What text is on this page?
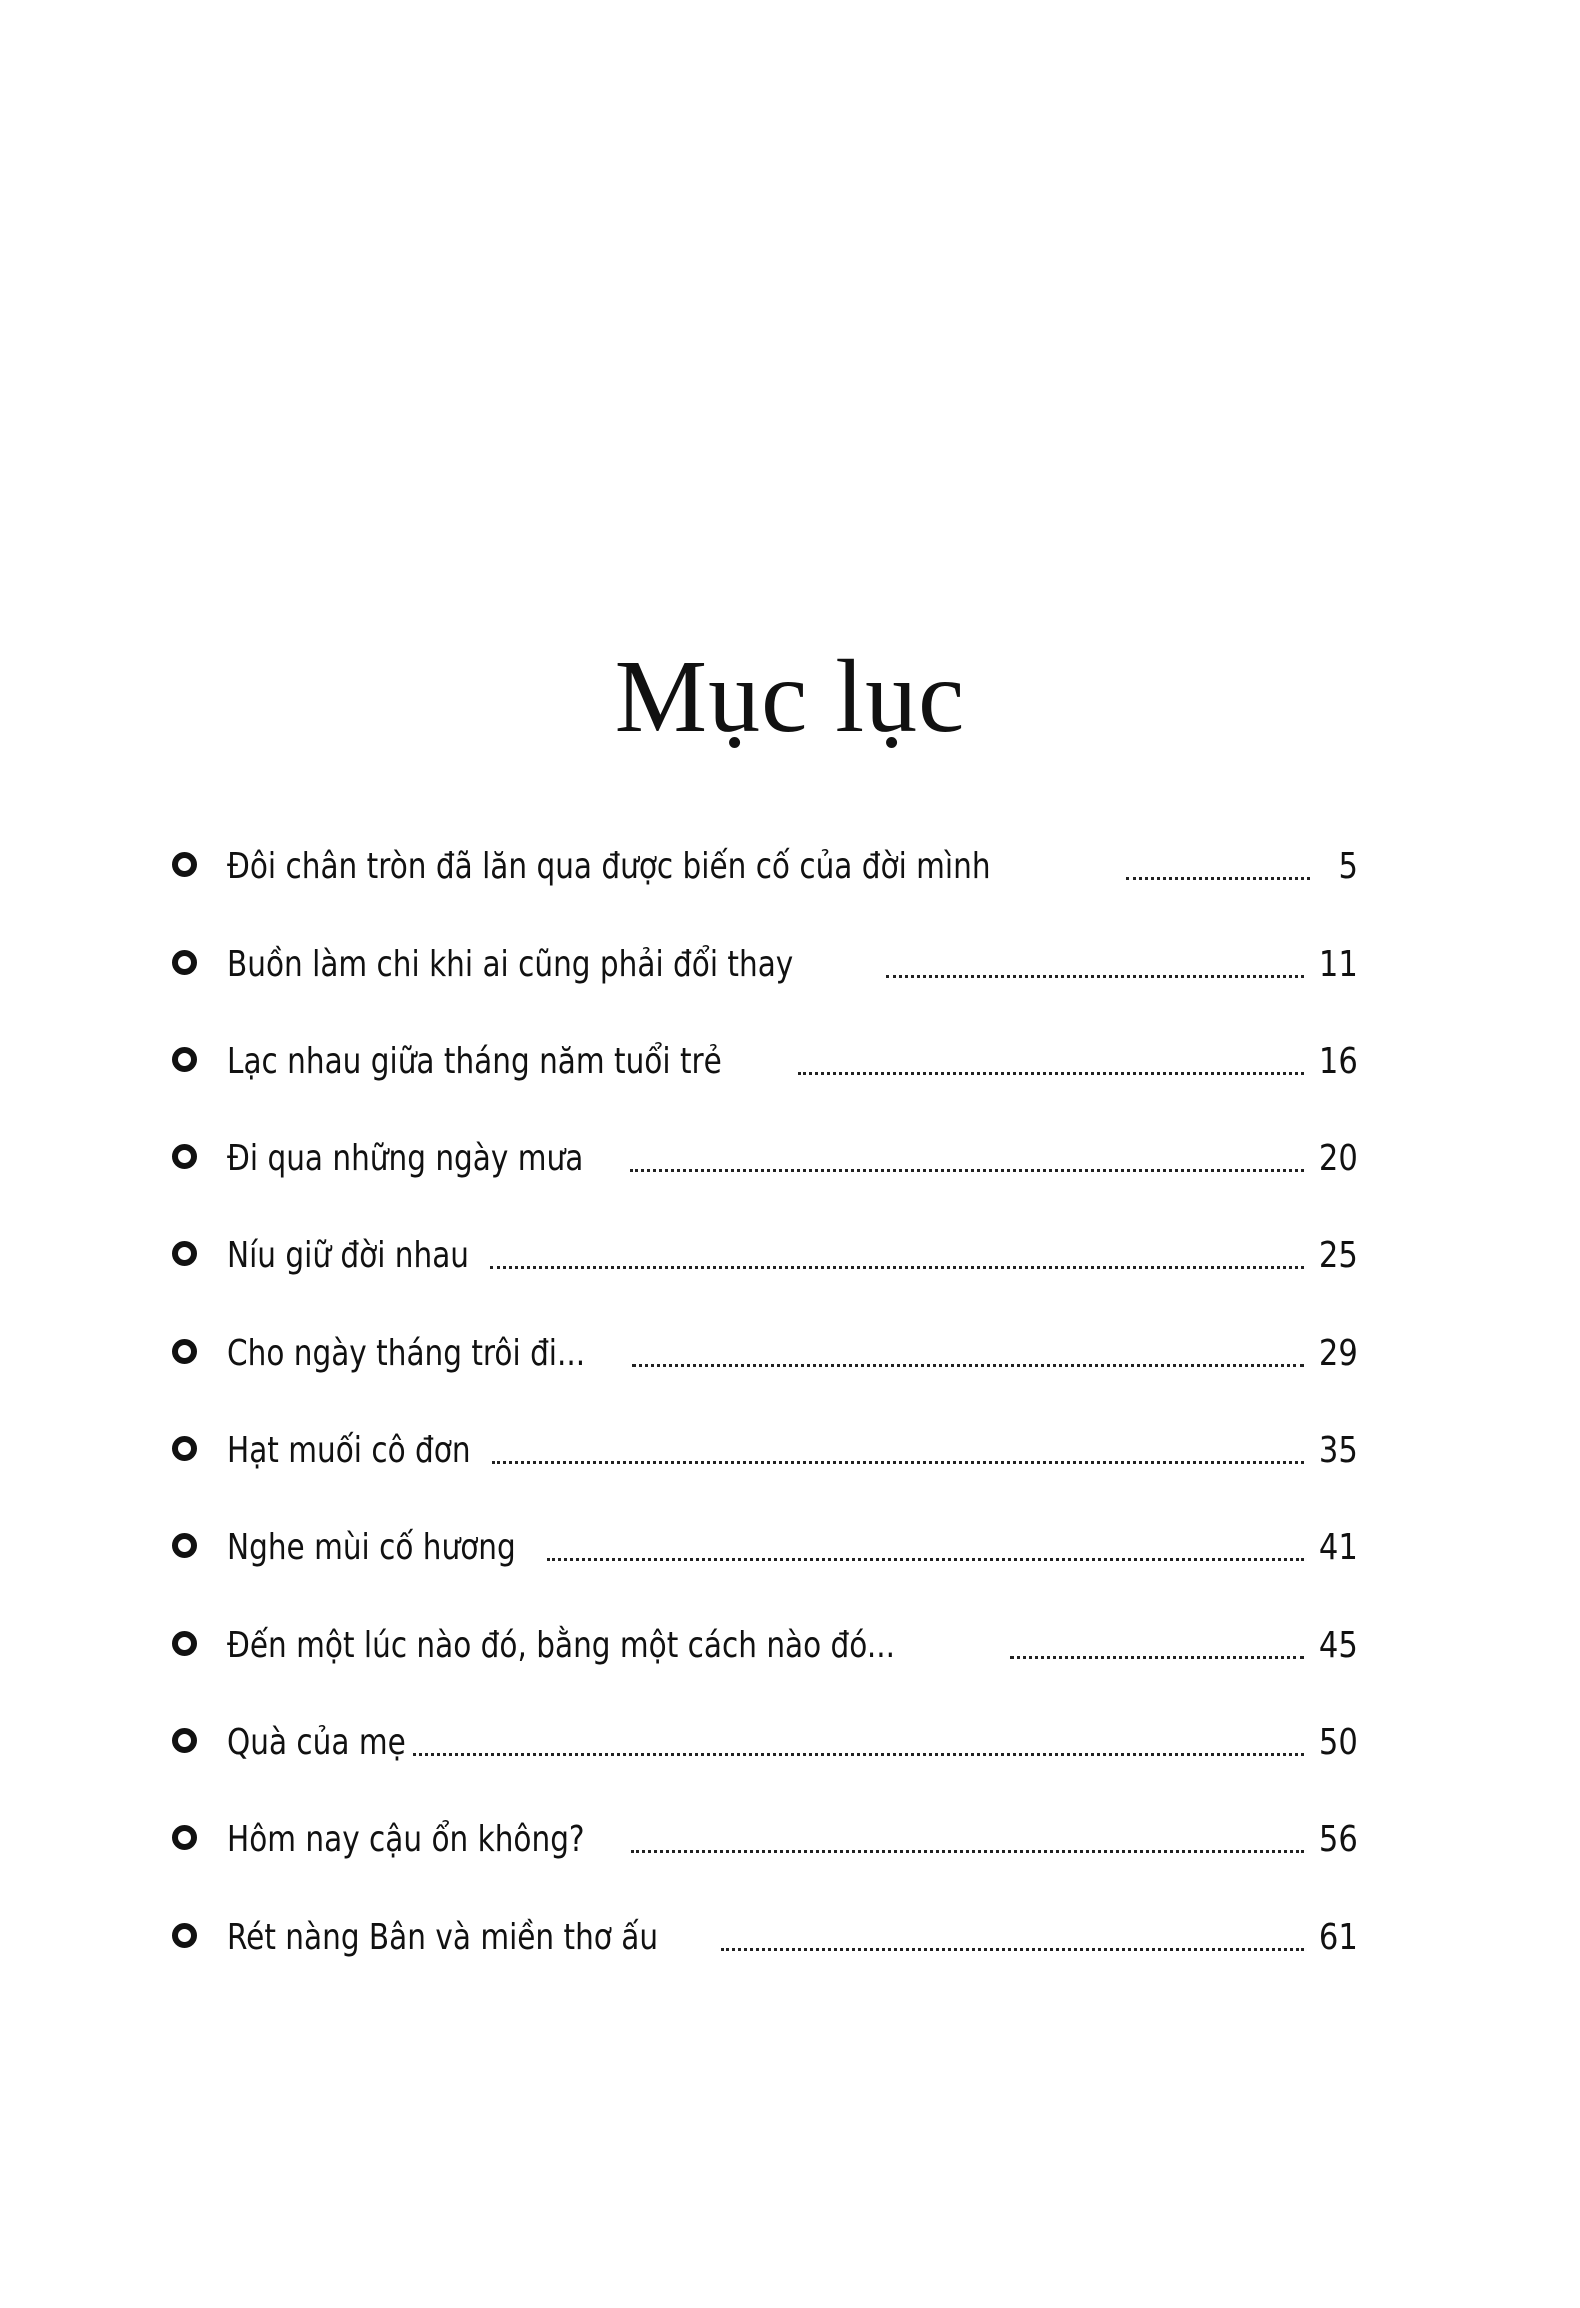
Mục lục
Đôi chân tròn đã lăn qua được biến cố của đời mình	5
Buồn làm chi khi ai cũng phải đổi thay	11
Lạc nhau giữa tháng năm tuổi trẻ	16
Đi qua những ngày mưa	20
Níu giữ đời nhau	25
Cho ngày tháng trôi đi...	29
Hạt muối cô đơn	35
Nghe mùi cố hương	41
Đến một lúc nào đó, bằng một cách nào đó...	45
Quà của mẹ	50
Hôm nay cậu ổn không?	56
Rét nàng Bân và miền thơ ấu	61
